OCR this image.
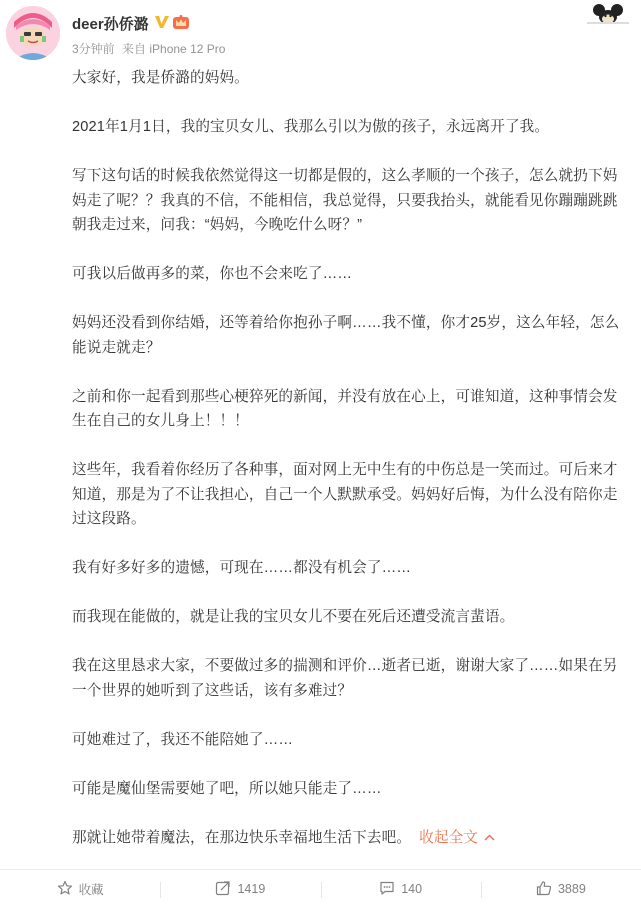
deer孙侨潞
3分钟前 来自 iPhone 12 Pro

大家好，我是侨潞的妈妈。

2021年1月1日，我的宝贝女儿、我那么引以为傲的孩子，永远离开了我。

写下这句话的时候我依然觉得这一切都是假的，这么孝顺的一个孩子，怎么就扔下妈妈走了呢？？我真的不信，不能相信，我总觉得，只要我抬头，就能看见你蹦蹦跳跳朝我走过来，问我：“妈妈，今晚吃什么呀？”

可我以后做再多的菜，你也不会来吃了……

妈妈还没看到你结婚，还等着给你抱孙子啊……我不懂，你才25岁，这么年轻，怎么能说走就走？

之前和你一起看到那些心梗猝死的新闻，并没有放在心上，可谁知道，这种事情会发生在自己的女儿身上！！！

这些年，我看着你经历了各种事，面对网上无中生有的中伤总是一笑而过。可后来才知道，那是为了不让我担心，自己一个人默默承受。妈妈好后悔，为什么没有陪你走过这段路。

我有好多好多的遗憾，可现在……都没有机会了……

而我现在能做的，就是让我的宝贝女儿不要在死后还遭受流言蜚语。

我在这里恳求大家，不要做过多的揣测和评价…逝者已逝，谢谢大家了……如果在另一个世界的她听到了这些话，该有多难过？

可她难过了，我还不能陪她了……

可能是魔仙堡需要她了吧，所以她只能走了……

那就让她带着魔法，在那边快乐幸福地生活下去吧。 收起全文

收藏	1419	140	3889
